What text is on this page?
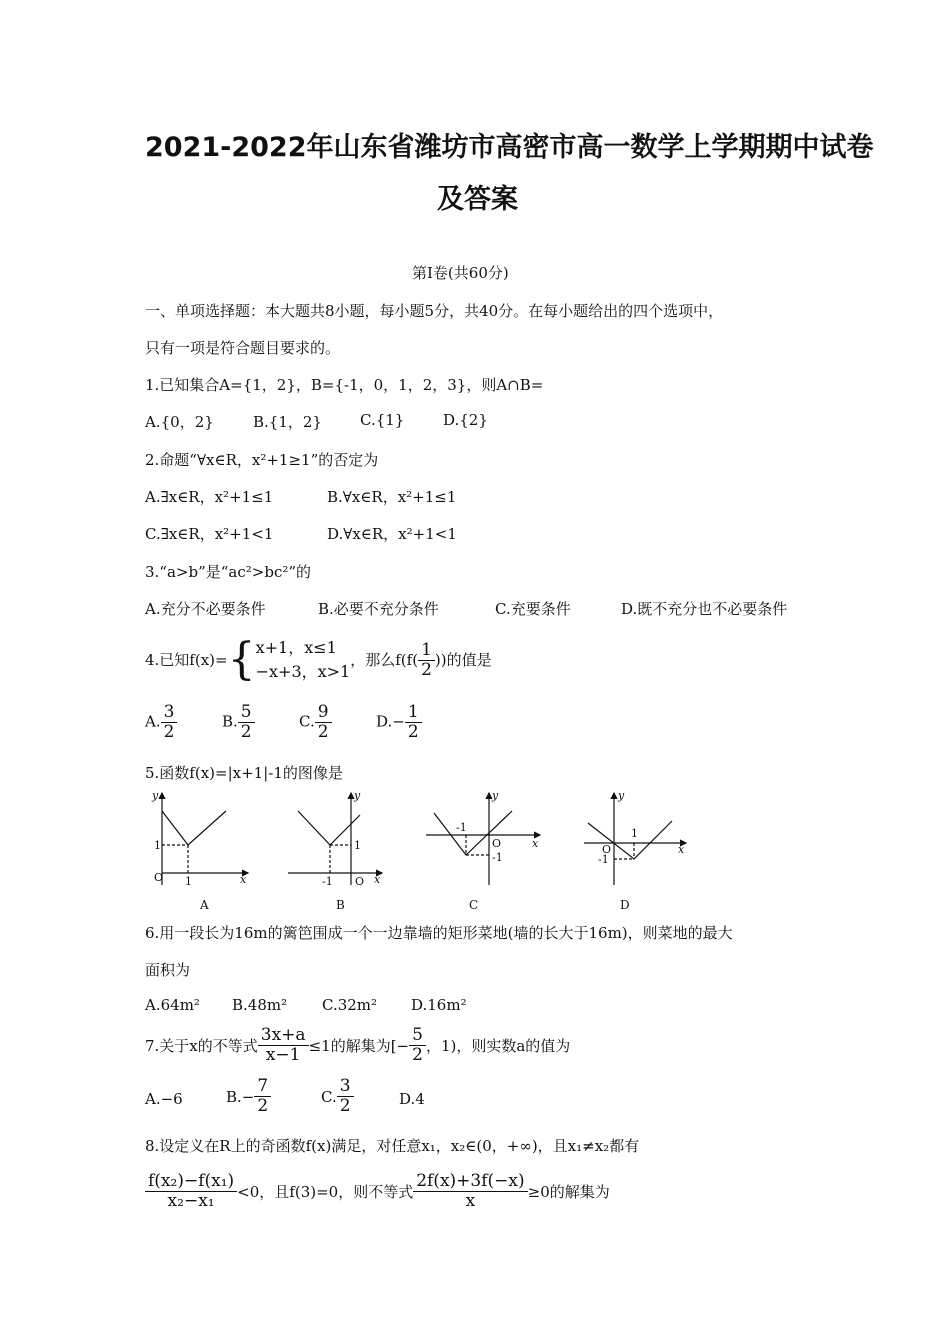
2021-2022年山东省潍坊市高密市高一数学上学期期中试卷
及答案
第Ⅰ卷(共60分)
一、单项选择题：本大题共8小题，每小题5分，共40分。在每小题给出的四个选项中，
只有一项是符合题目要求的。
1.已知集合A={1，2}，B={-1，0，1，2，3}，则A∩B=
A.{0，2}	B.{1，2}	C.{1}	D.{2}
2.命题“∀x∈R，x²+1≥1”的否定为
A.∃x∈R，x²+1≤1	B.∀x∈R，x²+1≤1
C.∃x∈R，x²+1<1	D.∀x∈R，x²+1<1
3.“a>b”是“ac²>bc²”的
A.充分不必要条件	B.必要不充分条件	C.充要条件	D.既不充分也不必要条件
4.已知f(x)={ x+1，x≤1
−x+3，x>1
，那么$f(f( \frac{1}{2}$ ))的值是
A. $\frac{3}{2}$	B. $\frac{5}{2}$	C. $\frac{9}{2}$	$D.- \frac{1}{2}$
5.函数f(x)=|x+1|-1的图像是
y
x
O
1
1
y
x
O
1
-1
y
x
O
-1
-1
y
x
O
-1
1
A	B	C	D
6.用一段长为16m的篱笆围成一个一边靠墙的矩形菜地(墙的长大于16m)，则菜地的最大
面积为
A.64m² B.48m² C.32m² D.16m²
7.关于x的不等式 $\frac{3x+a}{x-1} \le 1$的解集为[− $\frac{5}{2}$ ，1)，则实数a的值为
A.−6	$B.- \frac{7}{2}$	C. $\frac{3}{2}$	D.4
8.设定义在R上的奇函数f(x)满足，对任意x₁，x₂∈(0，+∞)，且x₁≠x₂都有
$\frac{\text{f(x₂)−f(x₁)}}{\text{x₂−x₁}} <0$，且f(3)=0，则不等式 $\frac{2f(x)+3f(-x)}{x} \ge 0$的解集为
